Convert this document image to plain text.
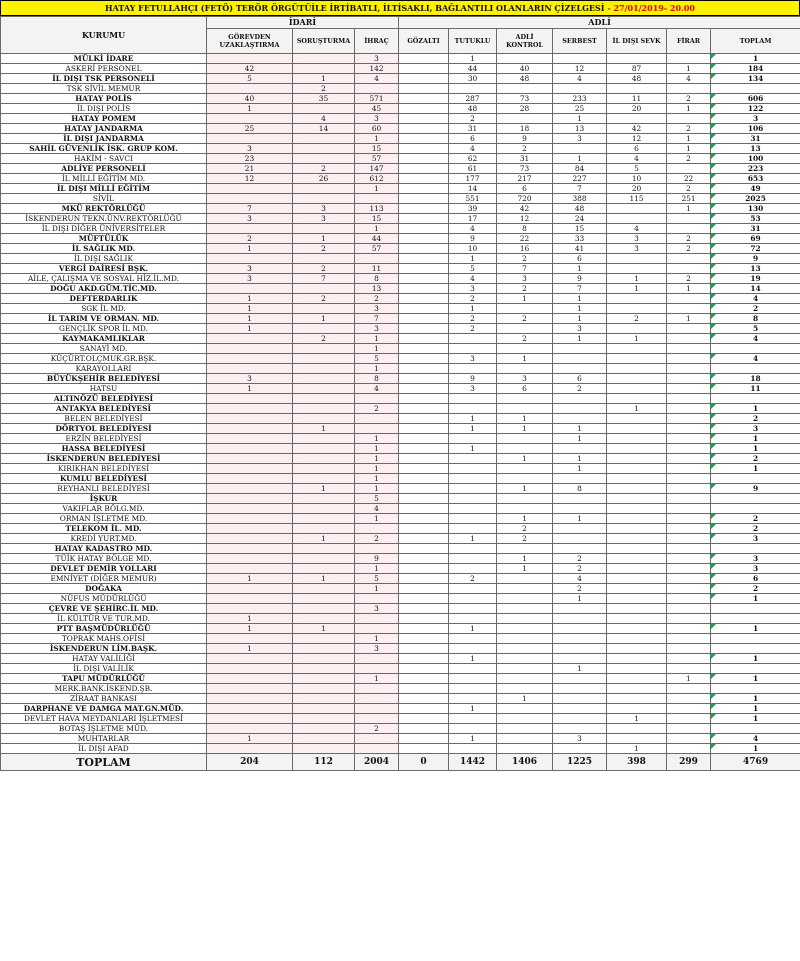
HATAY FETULLAHÇI (FETÖ) TERÖR ÖRGÜTÜİLE İRTİBATLI, İLTİSAKLI, BAĞLANTILI OLANLARIN ÇİZELGESİ - 27/01/2019- 20.00
KURUMU	İDARİ			ADLİ						
	GÖREVDEN UZAKLAŞTIRMA	SORUŞTURMA	İHRAÇ	GÖZALTI	TUTUKLU	ADLİ KONTROL	SERBEST	İL DIŞI SEVK	FİRAR	TOPLAM
MÜLKİ İDARE			3		1					1
ASKERİ PERSONEL	42		142		44	40	12	87	1	184
İL DIŞI TSK PERSONELİ	5	1	4		30	48	4	48	4	134
TSK SİVİL MEMUR		2								
HATAY POLİS	40	35	571		287	73	233	11	2	606
İL DIŞI POLİS	1		45		48	28	25	20	1	122
HATAY POMEM		4	3		2		1			3
HATAY JANDARMA	25	14	60		31	18	13	42	2	106
İL DIŞI JANDARMA			1		6	9	3	12	1	31
SAHİL GÜVENLİK İSK. GRUP KOM.	3		15		4	2		6	1	13
HAKİM - SAVCI	23		57		62	31	1	4	2	100
ADLİYE PERSONELİ	21	2	147		61	73	84	5		223
İL MİLLİ EĞİTİM MD.	12	26	612		177	217	227	10	22	653
İL DIŞI MİLLİ EĞİTİM			1		14	6	7	20	2	49
SİVİL					551	720	388	115	251	2025
MKÜ REKTÖRLÜĞÜ	7	3	113		39	42	48		1	130
İSKENDERUN TEKN.ÜNV.REKTÖRLÜĞÜ	3	3	15		17	12	24			53
İL DIŞI DİĞER ÜNİVERSİTELER			1		4	8	15	4		31
MÜFTÜLÜK	2	1	44		9	22	33	3	2	69
İL SAĞLIK MD.	1	2	57		10	16	41	3	2	72
İL DIŞI SAĞLIK					1	2	6			9
VERGİ DAİRESİ BŞK.	3	2	11		5	7	1			13
AİLE, ÇALIŞMA VE SOSYAL HİZ.İL.MD.	3	7	8		4	3	9	1	2	19
DOĞU AKD.GÜM.TİC.MD.			13		3	2	7	1	1	14
DEFTERDARLIK	1	2	2		2	1	1			4
SGK İL MD.	1		3		1		1			2
İL TARIM VE ORMAN. MD.	1	1	7		2	2	1	2	1	8
GENÇLİK SPOR İL MD.	1		3		2		3			5
KAYMAKAMLIKLAR		2	1			2	1	1		4
SANAYİ MD.			1							
KÜÇÜRT.OLÇMUK.GR.BŞK.			5		3	1				4
KARAYOLLARI			1							
BÜYÜKŞEHİR BELEDİYESİ	3		8		9	3	6			18
HATSU	1		4		3	6	2			11
ALTINÖZÜ BELEDİYESİ										
ANTAKYA BELEDİYESİ			2					1		1
BELEN BELEDİYESİ					1	1				2
DÖRTYOL BELEDİYESİ		1			1	1	1			3
ERZİN BELEDİYESİ			1				1			1
HASSA BELEDİYESİ			1		1					1
İSKENDERUN BELEDİYESİ			1			1	1			2
KIRIKHAN BELEDİYESİ			1				1			1
KUMLU BELEDİYESİ			1							
REYHANLI BELEDİYESİ		1	1			1	8			9
İŞKUR			5							
VAKIFLAR BÖLG.MD.			4							
ORMAN İŞLETME MD.			1			1	1			2
TELEKOM İL. MD.						2				2
KREDİ YURT.MD.		1	2		1	2				3
HATAY KADASTRO MD.										
TÜİK HATAY BÖLGE MD.			9			1	2			3
DEVLET DEMİR YOLLARI			1			1	2			3
EMNİYET (DİĞER MEMUR)	1	1	5		2		4			6
DOĞAKA			1				2			2
NÜFUS MÜDÜRLÜĞÜ							1			1
ÇEVRE VE ŞEHİRC.İL MD.			3							
İL KÜLTÜR VE TUR.MD.	1									
PTT BAŞMÜDÜRLÜĞÜ	1	1			1					1
TOPRAK MAHS.OFİSİ			1							
İSKENDERUN LİM.BAŞK.	1		3							
HATAY VALİLİĞİ					1					1
İL DIŞI VALİLİK							1			
TAPU MÜDÜRLÜĞÜ			1						1	1
MERK.BANK.İSKEND.ŞB.										
ZİRAAT BANKASI						1				1
DARPHANE VE DAMGA MAT.GN.MÜD.					1					1
DEVLET HAVA MEYDANLARI İŞLETMESİ								1		1
BOTAŞ İŞLETME MÜD.			2							
MUHTARLAR	1				1		3			4
İL DIŞI AFAD								1		1
TOPLAM	204	112	2004	0	1442	1406	1225	398	299	4769
